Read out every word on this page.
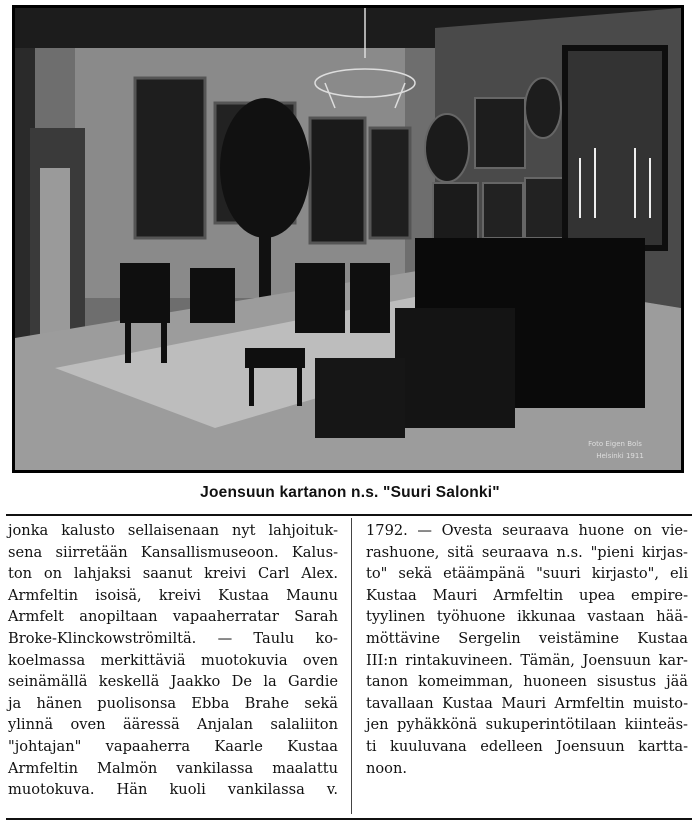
Foto Eigen Bols
Helsinki 1911
Joensuun kartanon n.s. "Suuri Salonki"
jonka kalusto sellaisenaan nyt lahjoituk-
sena siirretään Kansallismuseoon. Kalus-
ton on lahjaksi saanut kreivi Carl Alex.
Armfeltin isoisä, kreivi Kustaa Maunu
Armfelt anopiltaan vapaaherratar Sarah
Broke-Klinckowströmiltä. — Taulu ko-
koelmassa merkittäviä muotokuvia oven
seinämällä keskellä Jaakko De la Gardie
ja hänen puolisonsa Ebba Brahe sekä
ylinnä oven ääressä Anjalan salaliiton
"johtajan" vapaaherra Kaarle Kustaa
Armfeltin Malmön vankilassa maalattu
muotokuva. Hän kuoli vankilassa v.
1792. — Ovesta seuraava huone on vie-
rashuone, sitä seuraava n.s. "pieni kirjas-
to" sekä etäämpänä "suuri kirjasto", eli
Kustaa Mauri Armfeltin upea empire-
tyylinen työhuone ikkunaa vastaan hää-
möttävine Sergelin veistämine Kustaa
III:n rintakuvineen. Tämän, Joensuun kar-
tanon komeimman, huoneen sisustus jää
tavallaan Kustaa Mauri Armfeltin muisto-
jen pyhäkkönä sukuperintötilaan kiinteäs-
ti kuuluvana edelleen Joensuun kartta-
noon.
